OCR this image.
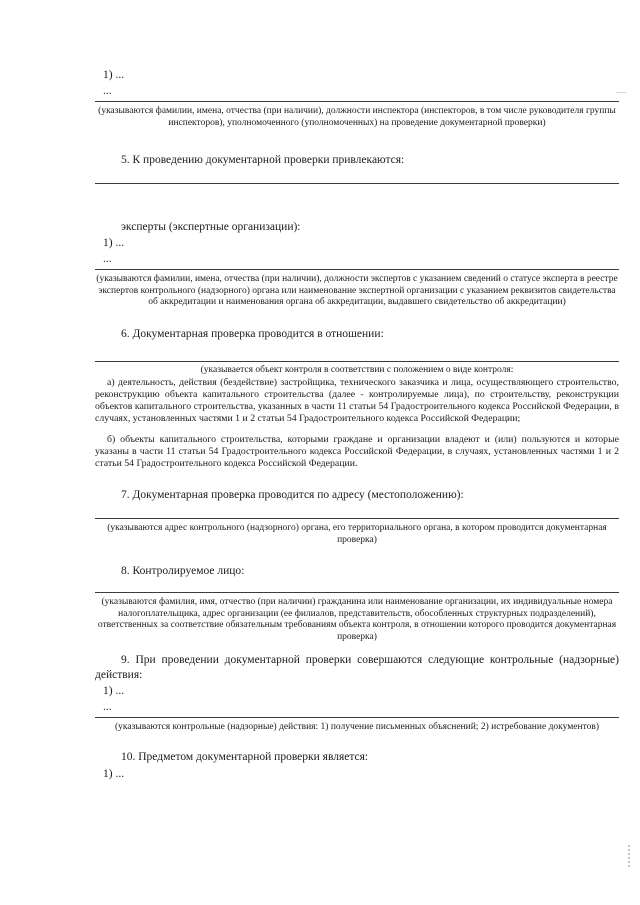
1) ...
...
(указываются фамилии, имена, отчества (при наличии), должности инспектора (инспекторов, в том числе руководителя группы инспекторов), уполномоченного (уполномоченных) на проведение документарной проверки)
5. К проведению документарной проверки привлекаются:
эксперты (экспертные организации):
1) ...
...
(указываются фамилии, имена, отчества (при наличии), должности экспертов с указанием сведений о статусе эксперта в реестре экспертов контрольного (надзорного) органа или наименование экспертной организации с указанием реквизитов свидетельства об аккредитации и наименования органа об аккредитации, выдавшего свидетельство об аккредитации)
6. Документарная проверка проводится в отношении:
(указывается объект контроля в соответствии с положением о виде контроля:
а) деятельность, действия (бездействие) застройщика, технического заказчика и лица, осуществляющего строительство, реконструкцию объекта капитального строительства (далее - контролируемые лица), по строительству, реконструкции объектов капитального строительства, указанных в части 11 статьи 54 Градостроительного кодекса Российской Федерации, в случаях, установленных частями 1 и 2 статьи 54 Градостроительного кодекса Российской Федерации;
б) объекты капитального строительства, которыми граждане и организации владеют и (или) пользуются и которые указаны в части 11 статьи 54 Градостроительного кодекса Российской Федерации, в случаях, установленных частями 1 и 2 статьи 54 Градостроительного кодекса Российской Федерации.
7. Документарная проверка проводится по адресу (местоположению):
(указываются адрес контрольного (надзорного) органа, его территориального органа, в котором проводится документарная проверка)
8. Контролируемое лицо:
(указываются фамилия, имя, отчество (при наличии) гражданина или наименование организации, их индивидуальные номера налогоплательщика, адрес организации (ее филиалов, представительств, обособленных структурных подразделений), ответственных за соответствие обязательным требованиям объекта контроля, в отношении которого проводится документарная проверка)
9. При проведении документарной проверки совершаются следующие контрольные (надзорные) действия:
1) ...
...
(указываются контрольные (надзорные) действия: 1) получение письменных объяснений; 2) истребование документов)
10. Предметом документарной проверки является:
1) ...
